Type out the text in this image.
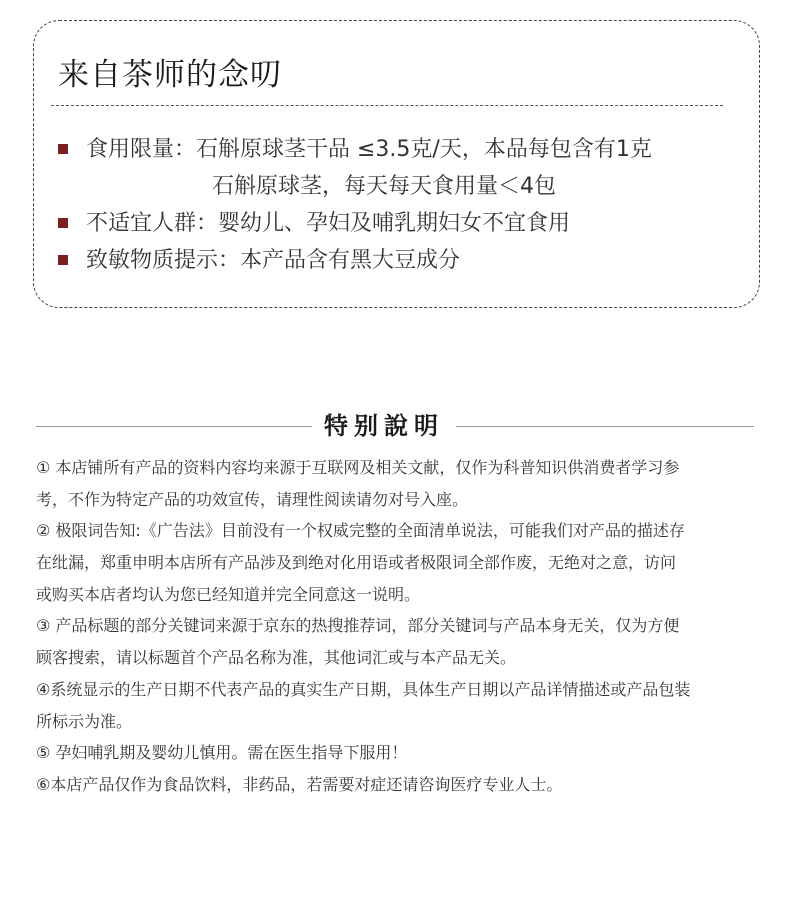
来自茶师的念叨
食用限量：石斛原球茎干品 ≤3.5克/天，本品每包含有1克
石斛原球茎，每天每天食用量＜4包
不适宜人群：婴幼儿、孕妇及哺乳期妇女不宜食用
致敏物质提示：本产品含有黑大豆成分
特别說明
① 本店铺所有产品的资料内容均来源于互联网及相关文献，仅作为科普知识供消费者学习参
考，不作为特定产品的功效宣传，请理性阅读请勿对号入座。
② 极限词告知:《广告法》目前没有一个权威完整的全面清单说法，可能我们对产品的描述存
在纰漏，郑重申明本店所有产品涉及到绝对化用语或者极限词全部作废，无绝对之意，访问
或购买本店者均认为您已经知道并完全同意这一说明。
③ 产品标题的部分关键词来源于京东的热搜推荐词，部分关键词与产品本身无关，仅为方便
顾客搜索，请以标题首个产品名称为准，其他词汇或与本产品无关。
④系统显示的生产日期不代表产品的真实生产日期，具体生产日期以产品详情描述或产品包装
所标示为准。
⑤ 孕妇哺乳期及婴幼儿慎用。需在医生指导下服用！
⑥本店产品仅作为食品饮料，非药品，若需要对症还请咨询医疗专业人士。
